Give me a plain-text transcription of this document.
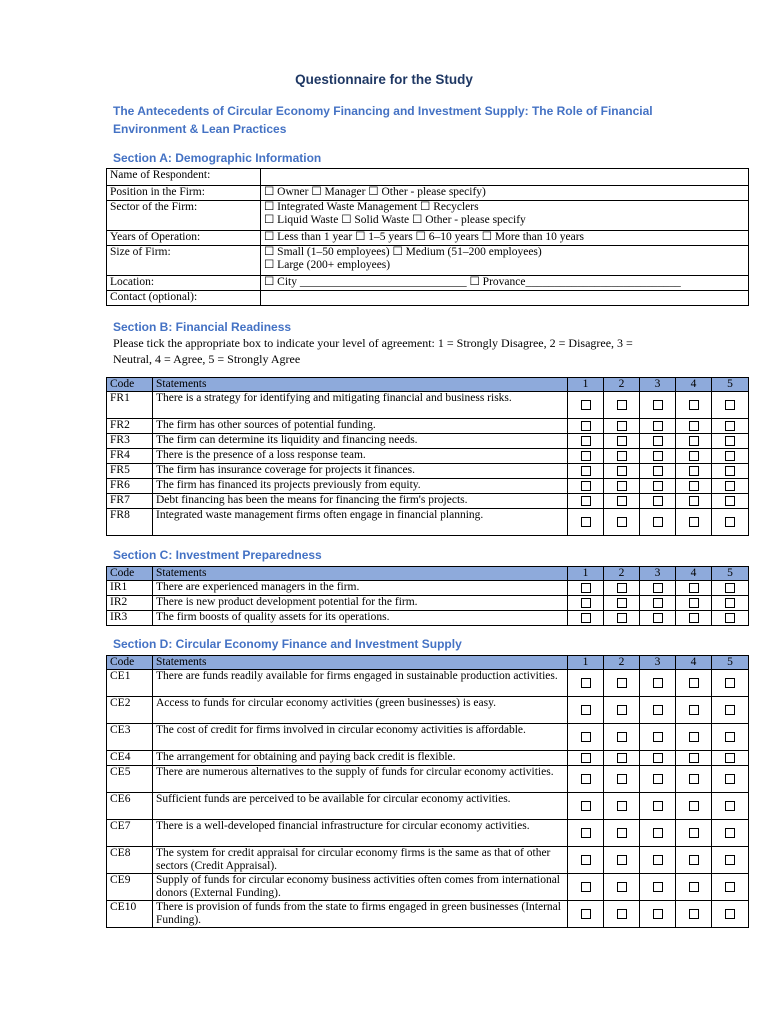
Questionnaire for the Study
The Antecedents of Circular Economy Financing and Investment Supply: The Role of Financial Environment & Lean Practices
Section A: Demographic Information
Name of Respondent:	
Position in the Firm:	☐ Owner ☐ Manager ☐ Other - please specify)
Sector of the Firm:	☐ Integrated Waste Management ☐ Recyclers
☐ Liquid Waste ☐ Solid Waste ☐ Other - please specify
Years of Operation:	☐ Less than 1 year ☐ 1–5 years ☐ 6–10 years ☐ More than 10 years
Size of Firm:	☐ Small (1–50 employees) ☐ Medium (51–200 employees)
☐ Large (200+ employees)
Location:	☐ City _____________________________ ☐ Provance___________________________
Contact (optional):	
Section B: Financial Readiness
Please tick the appropriate box to indicate your level of agreement: 1 = Strongly Disagree, 2 = Disagree, 3 = Neutral, 4 = Agree, 5 = Strongly Agree
Code	Statements	1	2	3	4	5
FR1	There is a strategy for identifying and mitigating financial and business risks.					
FR2	The firm has other sources of potential funding.					
FR3	The firm can determine its liquidity and financing needs.					
FR4	There is the presence of a loss response team.					
FR5	The firm has insurance coverage for projects it finances.					
FR6	The firm has financed its projects previously from equity.					
FR7	Debt financing has been the means for financing the firm's projects.					
FR8	Integrated waste management firms often engage in financial planning.					
Section C: Investment Preparedness
Code	Statements	1	2	3	4	5
IR1	There are experienced managers in the firm.					
IR2	There is new product development potential for the firm.					
IR3	The firm boosts of quality assets for its operations.					
Section D: Circular Economy Finance and Investment Supply
Code	Statements	1	2	3	4	5
CE1	There are funds readily available for firms engaged in sustainable production activities.					
CE2	Access to funds for circular economy activities (green businesses) is easy.					
CE3	The cost of credit for firms involved in circular economy activities is affordable.					
CE4	The arrangement for obtaining and paying back credit is flexible.					
CE5	There are numerous alternatives to the supply of funds for circular economy activities.					
CE6	Sufficient funds are perceived to be available for circular economy activities.					
CE7	There is a well-developed financial infrastructure for circular economy activities.					
CE8	The system for credit appraisal for circular economy firms is the same as that of other sectors (Credit Appraisal).					
CE9	Supply of funds for circular economy business activities often comes from international donors (External Funding).					
CE10	There is provision of funds from the state to firms engaged in green businesses (Internal Funding).					
